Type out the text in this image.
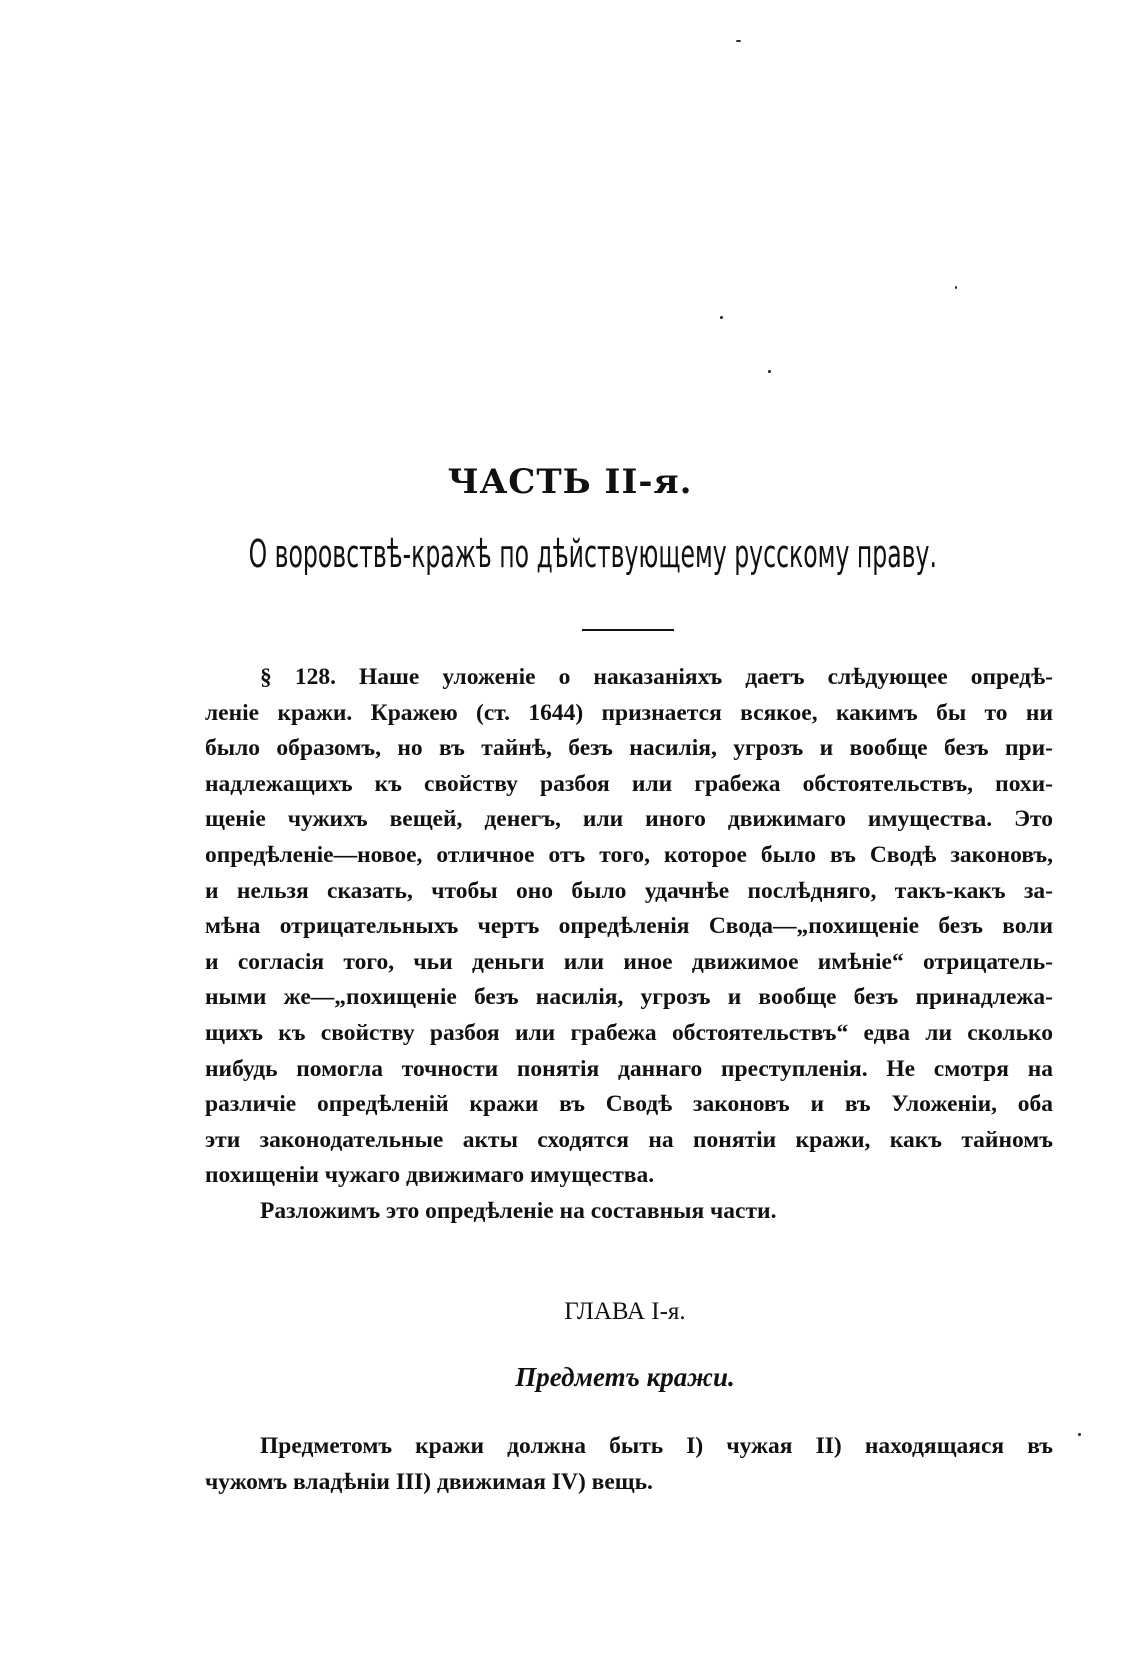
ЧАСТЬ II-я.
О воровствѣ-кражѣ по дѣйствующему русскому праву.
§ 128. Наше уложеніе о наказаніяхъ даетъ слѣдующее опредѣ-
леніе кражи. Кражею (ст. 1644) признается всякое, какимъ бы то ни
было образомъ, но въ тайнѣ, безъ насилія, угрозъ и вообще безъ при-
надлежащихъ къ свойству разбоя или грабежа обстоятельствъ, похи-
щеніе чужихъ вещей, денегъ, или иного движимаго имущества. Это
опредѣленіе—новое, отличное отъ того, которое было въ Сводѣ законовъ,
и нельзя сказать, чтобы оно было удачнѣе послѣдняго, такъ-какъ за-
мѣна отрицательныхъ чертъ опредѣленія Свода—„похищеніе безъ воли
и согласія того, чьи деньги или иное движимое имѣніе“ отрицатель-
ными же—„похищеніе безъ насилія, угрозъ и вообще безъ принадлежа-
щихъ къ свойству разбоя или грабежа обстоятельствъ“ едва ли сколько
нибудь помогла точности понятія даннаго преступленія. Не смотря на
различіе опредѣленій кражи въ Сводѣ законовъ и въ Уложеніи, оба
эти законодательные акты сходятся на понятіи кражи, какъ тайномъ
похищеніи чужаго движимаго имущества.
Разложимъ это опредѣленіе на составныя части.
ГЛАВА I-я.
Предметъ кражи.
Предметомъ кражи должна быть I) чужая II) находящаяся въ
чужомъ владѣніи III) движимая IV) вещь.
